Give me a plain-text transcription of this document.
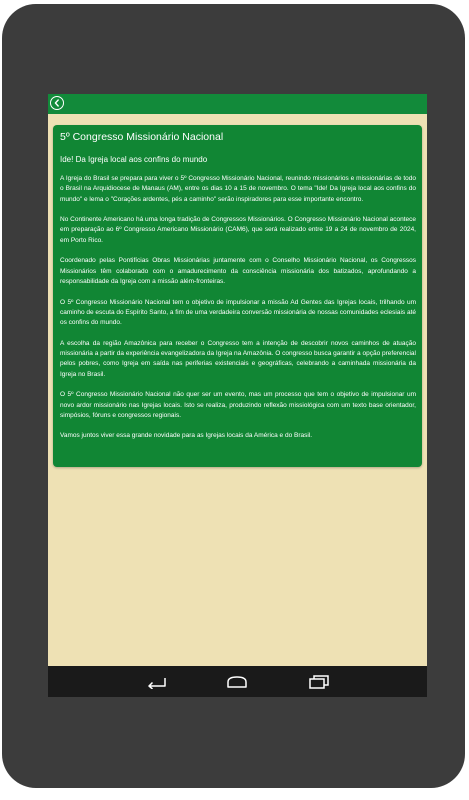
5º Congresso Missionário Nacional
Ide! Da Igreja local aos confins do mundo

A Igreja do Brasil se prepara para viver o 5º Congresso Missionário Nacional, reunindo missionários e missionárias de todo o Brasil na Arquidiocese de Manaus (AM), entre os dias 10 a 15 de novembro. O tema "Ide! Da Igreja local aos confins do mundo" e lema o "Corações ardentes, pés a caminho" serão inspiradores para esse importante encontro.

No Continente Americano há uma longa tradição de Congressos Missionários. O Congresso Missionário Nacional acontece em preparação ao 6º Congresso Americano Missionário (CAM6), que será realizado entre 19 a 24 de novembro de 2024, em Porto Rico.

Coordenado pelas Pontifícias Obras Missionárias juntamente com o Conselho Missionário Nacional, os Congressos Missionários têm colaborado com o amadurecimento da consciência missionária dos batizados, aprofundando a responsabilidade da Igreja com a missão além-fronteiras.

O 5º Congresso Missionário Nacional tem o objetivo de impulsionar a missão Ad Gentes das Igrejas locais, trilhando um caminho de escuta do Espírito Santo, a fim de uma verdadeira conversão missionária de nossas comunidades eclesiais até os confins do mundo.

A escolha da região Amazônica para receber o Congresso tem a intenção de descobrir novos caminhos de atuação missionária a partir da experiência evangelizadora da Igreja na Amazônia. O congresso busca garantir a opção preferencial pelos pobres, como Igreja em saída nas periferias existenciais e geográficas, celebrando a caminhada missionária da Igreja no Brasil.

O 5º Congresso Missionário Nacional não quer ser um evento, mas um processo que tem o objetivo de impulsionar um novo ardor missionário nas Igrejas locais. Isto se realiza, produzindo reflexão missiológica com um texto base orientador, simpósios, fóruns e congressos regionais.

Vamos juntos viver essa grande novidade para as Igrejas locais da América e do Brasil.
